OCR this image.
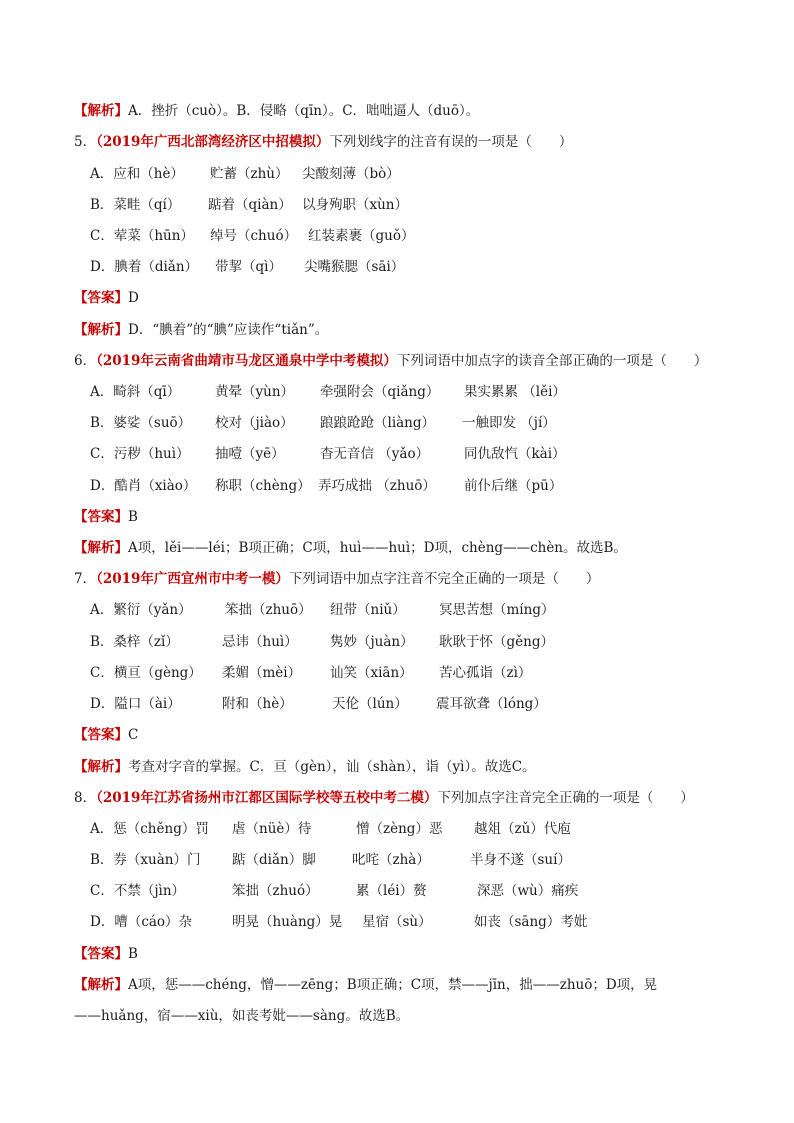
【解析】A．挫折（cuò）。B．侵略（qīn）。C．咄咄逼人（duō）。
5．（2019年广西北部湾经济区中招模拟）下列划线字的注音有误的一项是（　　）
A．应和（hè） 贮蓄（zhù） 尖酸刻薄（bò）
B．菜畦（qí） 踮着（qiàn） 以身殉职（xùn）
C．荤菜（hūn） 绰号（chuó） 红装素裹（guǒ）
D．腆着（diǎn） 带挈（qì） 尖嘴猴腮（sāi）
【答案】D
【解析】D．“腆着”的“腆”应读作“tiǎn”。
6．（2019年云南省曲靖市马龙区通泉中学中考模拟）下列词语中加点字的读音全部正确的一项是（　　）
A．畸斜（qī）	黄晕（yùn） 牵强附会（qiǎng） 果实累累 （lěi）
B．婆娑（suō） 校对（jiào） 踉踉跄跄（liàng） 一触即发 （jí）
C．污秽（huì） 抽噎（yē）	杳无音信 （yǎo）	同仇敌忾（kài）
D．酷肖（xiào） 称职（chèng） 弄巧成拙 （zhuō） 前仆后继（pū）
【答案】B
【解析】A项，lěi——léi；B项正确；C项，huì——huì；D项，chèng——chèn。故选B。
7．（2019年广西宜州市中考一模）下列词语中加点字注音不完全正确的一项是（　　）
A．繁衍（yǎn） 笨拙（zhuō） 纽带（niǔ） 冥思苦想（míng）
B．桑梓（zǐ）	忌讳（huì） 隽妙（juàn） 耿耿于怀（gěng）
C．横亘（gèng） 柔媚（mèi） 讪笑（xiān） 苦心孤诣（zì）
D．隘口（ài）	附和（hè）	天伦（lún） 震耳欲聋（lóng）
【答案】C
【解析】考查对字音的掌握。C．亘（gèn），讪（shàn），诣（yì）。故选C。
8．（2019年江苏省扬州市江都区国际学校等五校中考二模）下列加点字注音完全正确的一项是（　　）
A．惩（chěng）罚 虐（nüè）待	憎（zèng）恶 越俎（zǔ）代庖
B．券（xuàn）门 踮（diǎn）脚	叱咤（zhà）	半身不遂（suí）
C．不禁（jìn）	笨拙（zhuó）	累（léi）赘	深恶（wù）痛疾
D．嘈（cáo）杂	明晃（huàng）晃 星宿（sù）	如丧（sāng）考妣
【答案】B
【解析】A项，惩——chéng，憎——zēng；B项正确；C项，禁——jīn，拙——zhuō；D项，晃
——huǎng，宿——xiù，如丧考妣——sàng。故选B。
